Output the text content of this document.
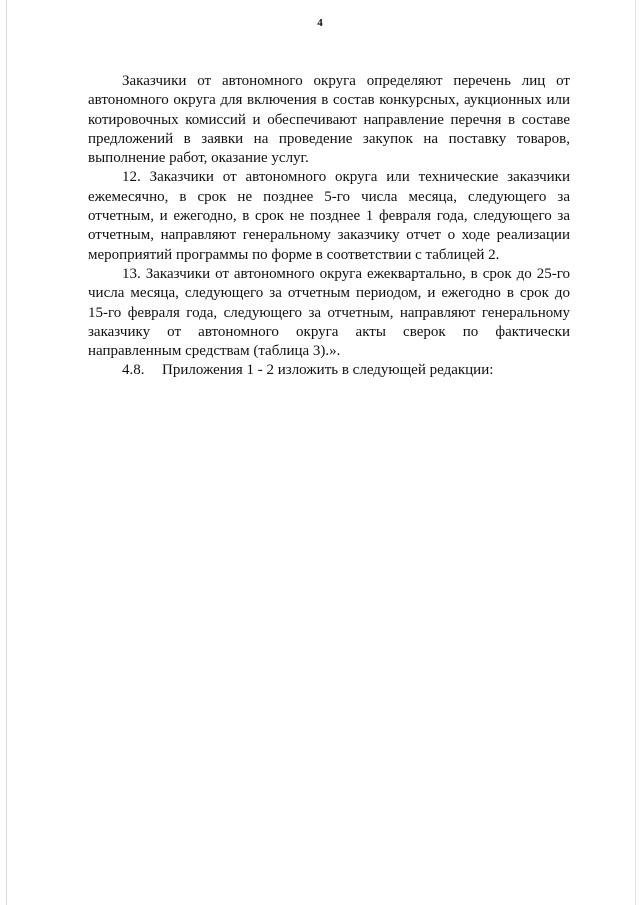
4

Заказчики от автономного округа определяют перечень лиц от автономного округа для включения в состав конкурсных, аукционных или котировочных комиссий и обеспечивают направление перечня в составе предложений в заявки на проведение закупок на поставку товаров, выполнение работ, оказание услуг.

12. Заказчики от автономного округа или технические заказчики ежемесячно, в срок не позднее 5-го числа месяца, следующего за отчетным, и ежегодно, в срок не позднее 1 февраля года, следующего за отчетным, направляют генеральному заказчику отчет о ходе реализации мероприятий программы по форме в соответствии с таблицей 2.

13. Заказчики от автономного округа ежеквартально, в срок до 25-го числа месяца, следующего за отчетным периодом, и ежегодно в срок до 15-го февраля года, следующего за отчетным, направляют генеральному заказчику от автономного округа акты сверок по фактически направленным средствам (таблица 3).».

4.8. Приложения 1 - 2 изложить в следующей редакции:
